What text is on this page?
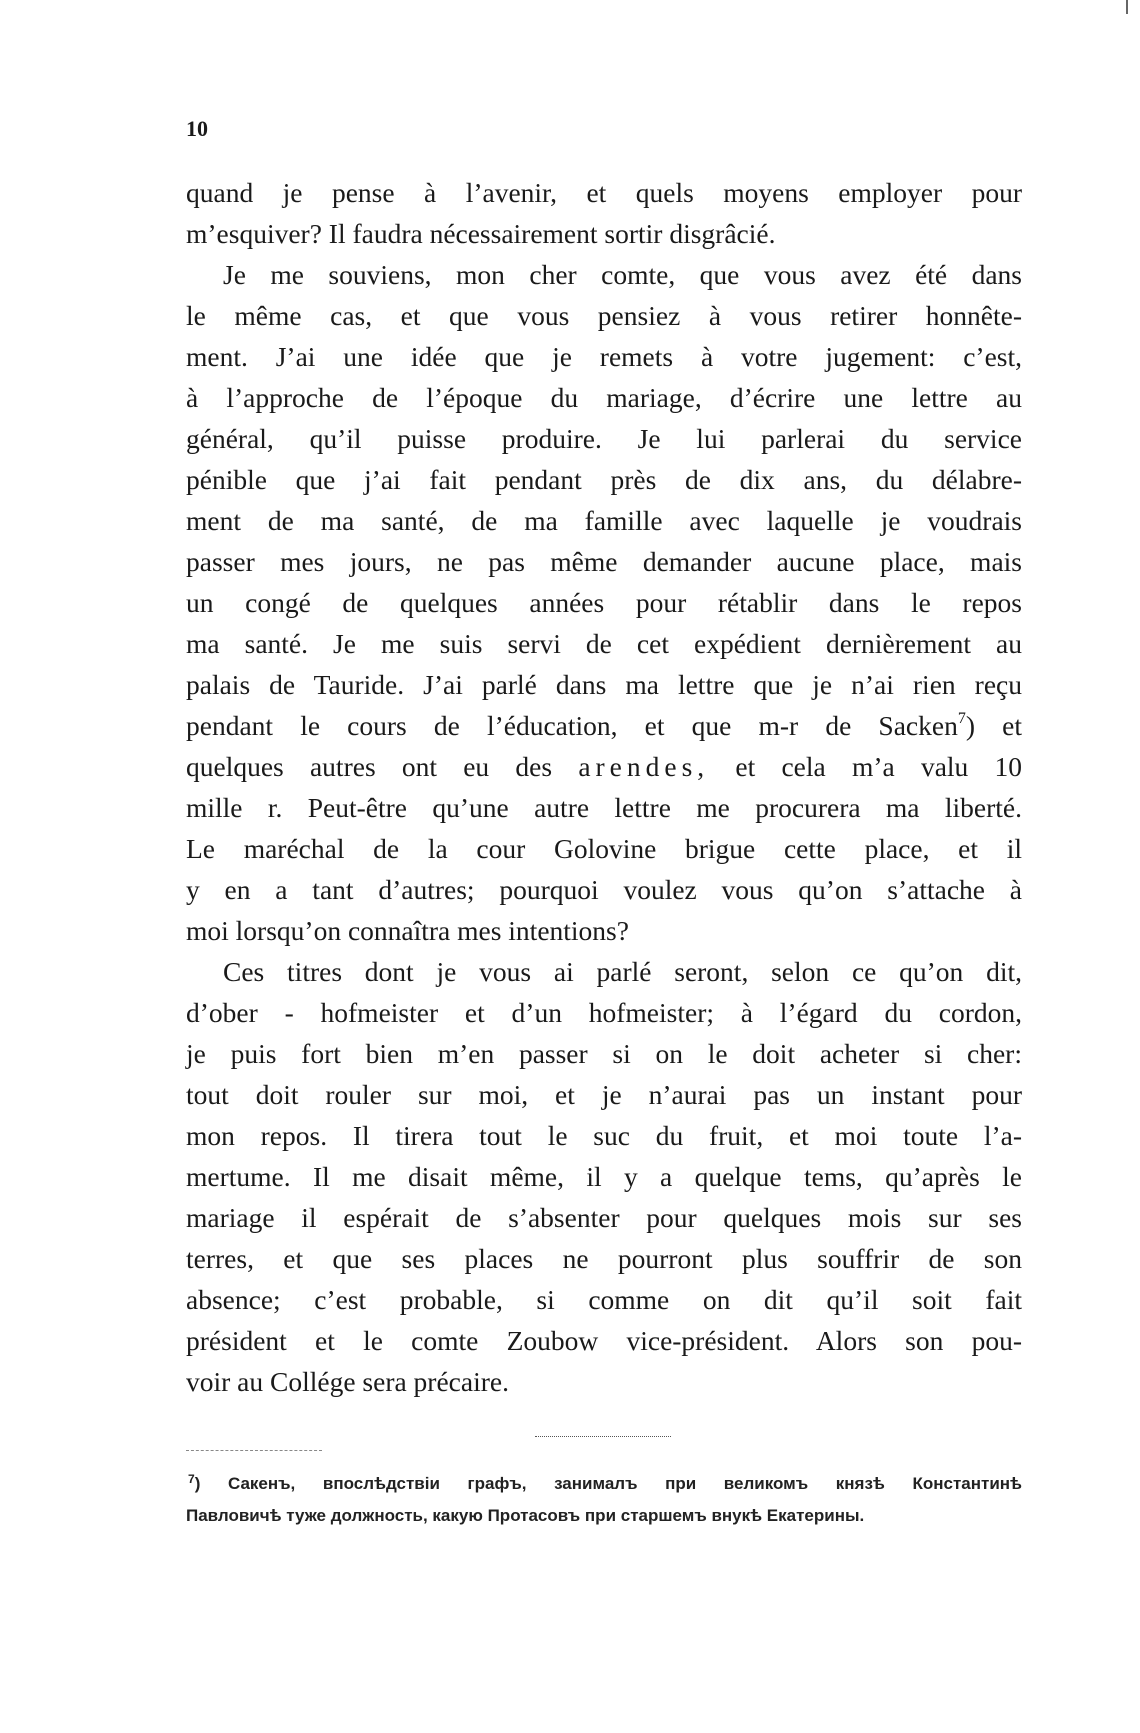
10
quand je pense à l’avenir, et quels moyens employer pour
m’esquiver? Il faudra nécessairement sortir disgrâcié.
Je me souviens, mon cher comte, que vous avez été dans
le même cas, et que vous pensiez à vous retirer honnête-
ment. J’ai une idée que je remets à votre jugement: c’est,
à l’approche de l’époque du mariage, d’écrire une lettre au
général, qu’il puisse produire. Je lui parlerai du service
pénible que j’ai fait pendant près de dix ans, du délabre-
ment de ma santé, de ma famille avec laquelle je voudrais
passer mes jours, ne pas même demander aucune place, mais
un congé de quelques années pour rétablir dans le repos
ma santé. Je me suis servi de cet expédient dernièrement au
palais de Tauride. J’ai parlé dans ma lettre que je n’ai rien reçu
pendant le cours de l’éducation, et que m-r de Sacken$^7$) et
quelques autres ont eu des arendes, et cela m’a valu 10
mille r. Peut-être qu’une autre lettre me procurera ma liberté.
Le maréchal de la cour Golovine brigue cette place, et il
y en a tant d’autres; pourquoi voulez vous qu’on s’attache à
moi lorsqu’on connaîtra mes intentions?
Ces titres dont je vous ai parlé seront, selon ce qu’on dit,
d’ober - hofmeister et d’un hofmeister; à l’égard du cordon,
je puis fort bien m’en passer si on le doit acheter si cher:
tout doit rouler sur moi, et je n’aurai pas un instant pour
mon repos. Il tirera tout le suc du fruit, et moi toute l’a-
mertume. Il me disait même, il y a quelque tems, qu’après le
mariage il espérait de s’absenter pour quelques mois sur ses
terres, et que ses places ne pourront plus souffrir de son
absence; c’est probable, si comme on dit qu’il soit fait
président et le comte Zoubow vice-président. Alors son pou-
voir au Collége sera précaire.
$^7$) Сакенъ, впослѣдствіи графъ, занималъ при великомъ князѣ Константинѣ
Павловичѣ туже должность, какую Протасовъ при старшемъ внукѣ Екатерины.
